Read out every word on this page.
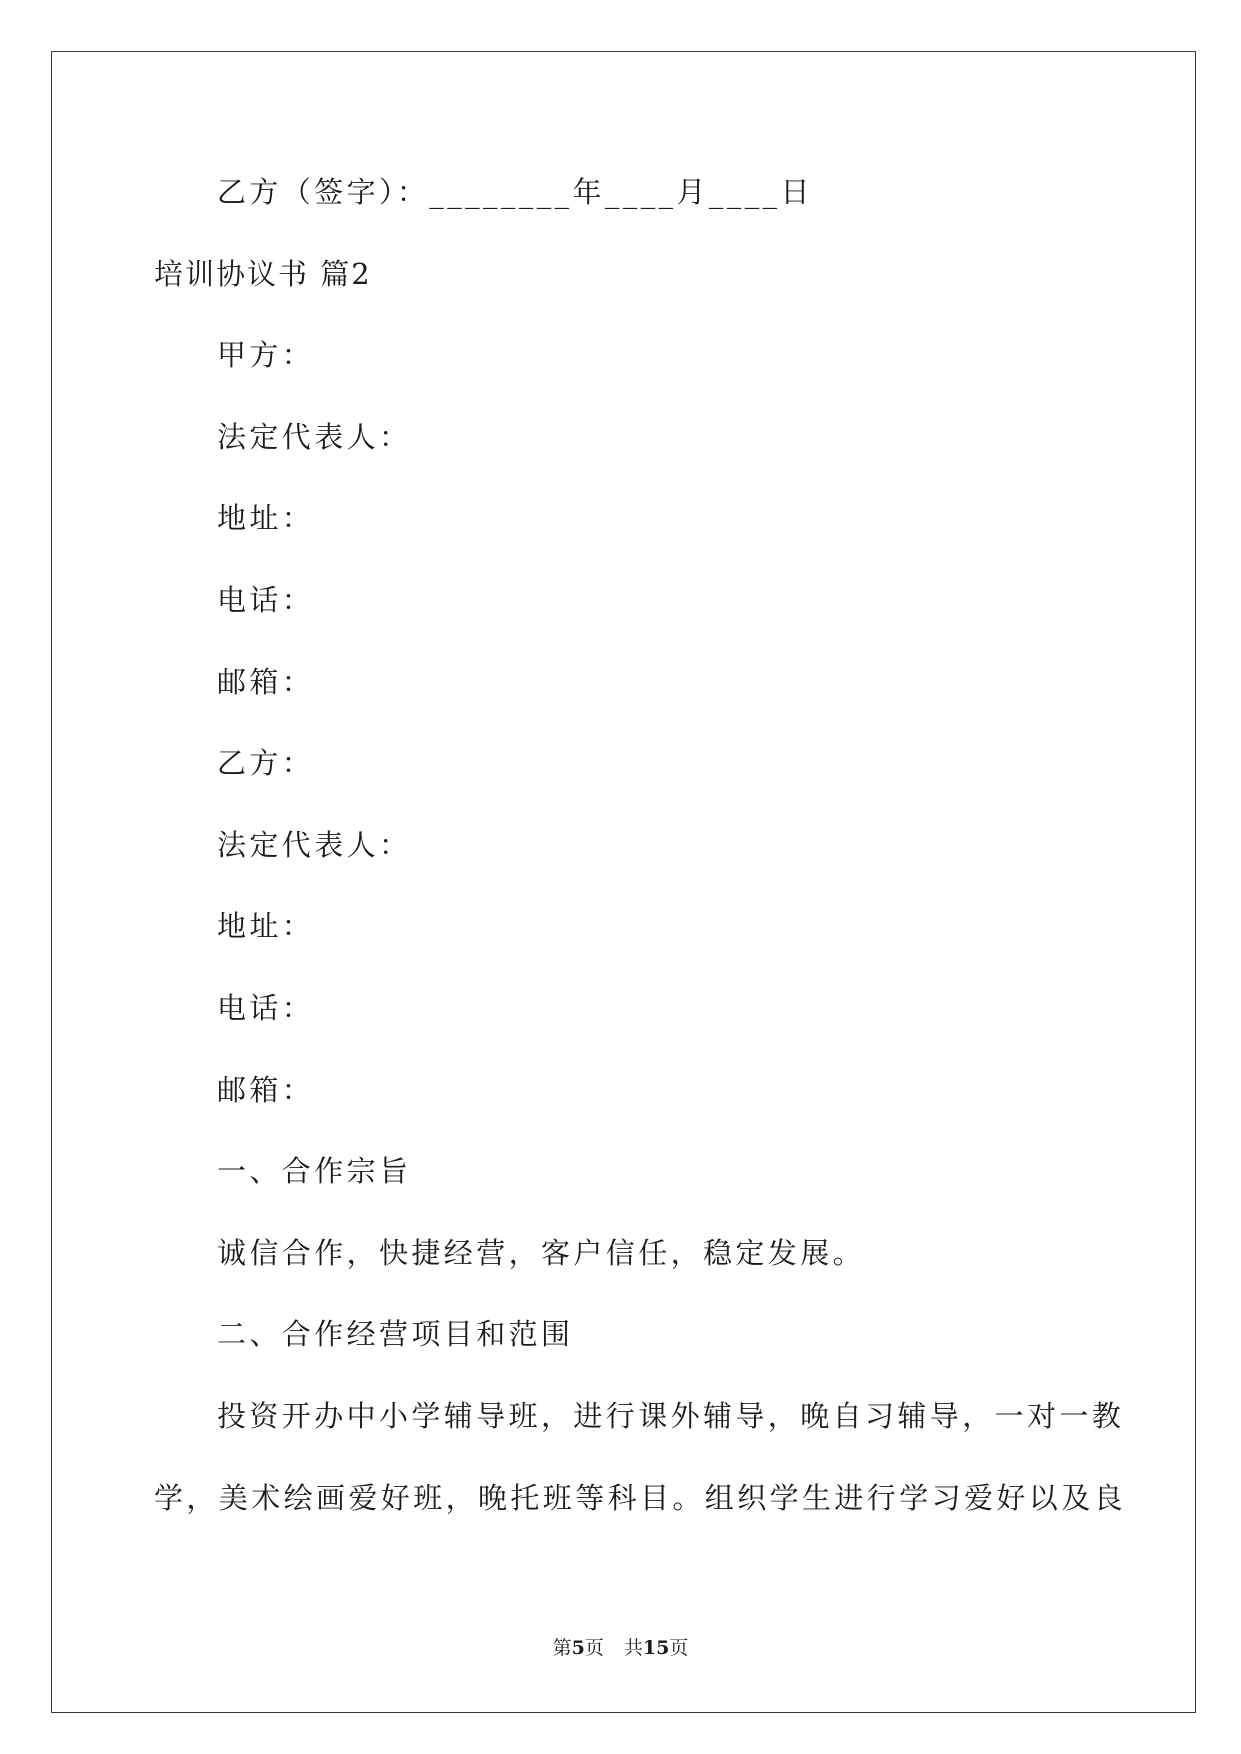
乙方（签字）：________年____月____日
培训协议书 篇2
甲方：
法定代表人：
地址：
电话：
邮箱：
乙方：
法定代表人：
地址：
电话：
邮箱：
一、合作宗旨
诚信合作，快捷经营，客户信任，稳定发展。
二、合作经营项目和范围
投资开办中小学辅导班，进行课外辅导，晚自习辅导，一对一教
学，美术绘画爱好班，晚托班等科目。组织学生进行学习爱好以及良
第5页 共15页
